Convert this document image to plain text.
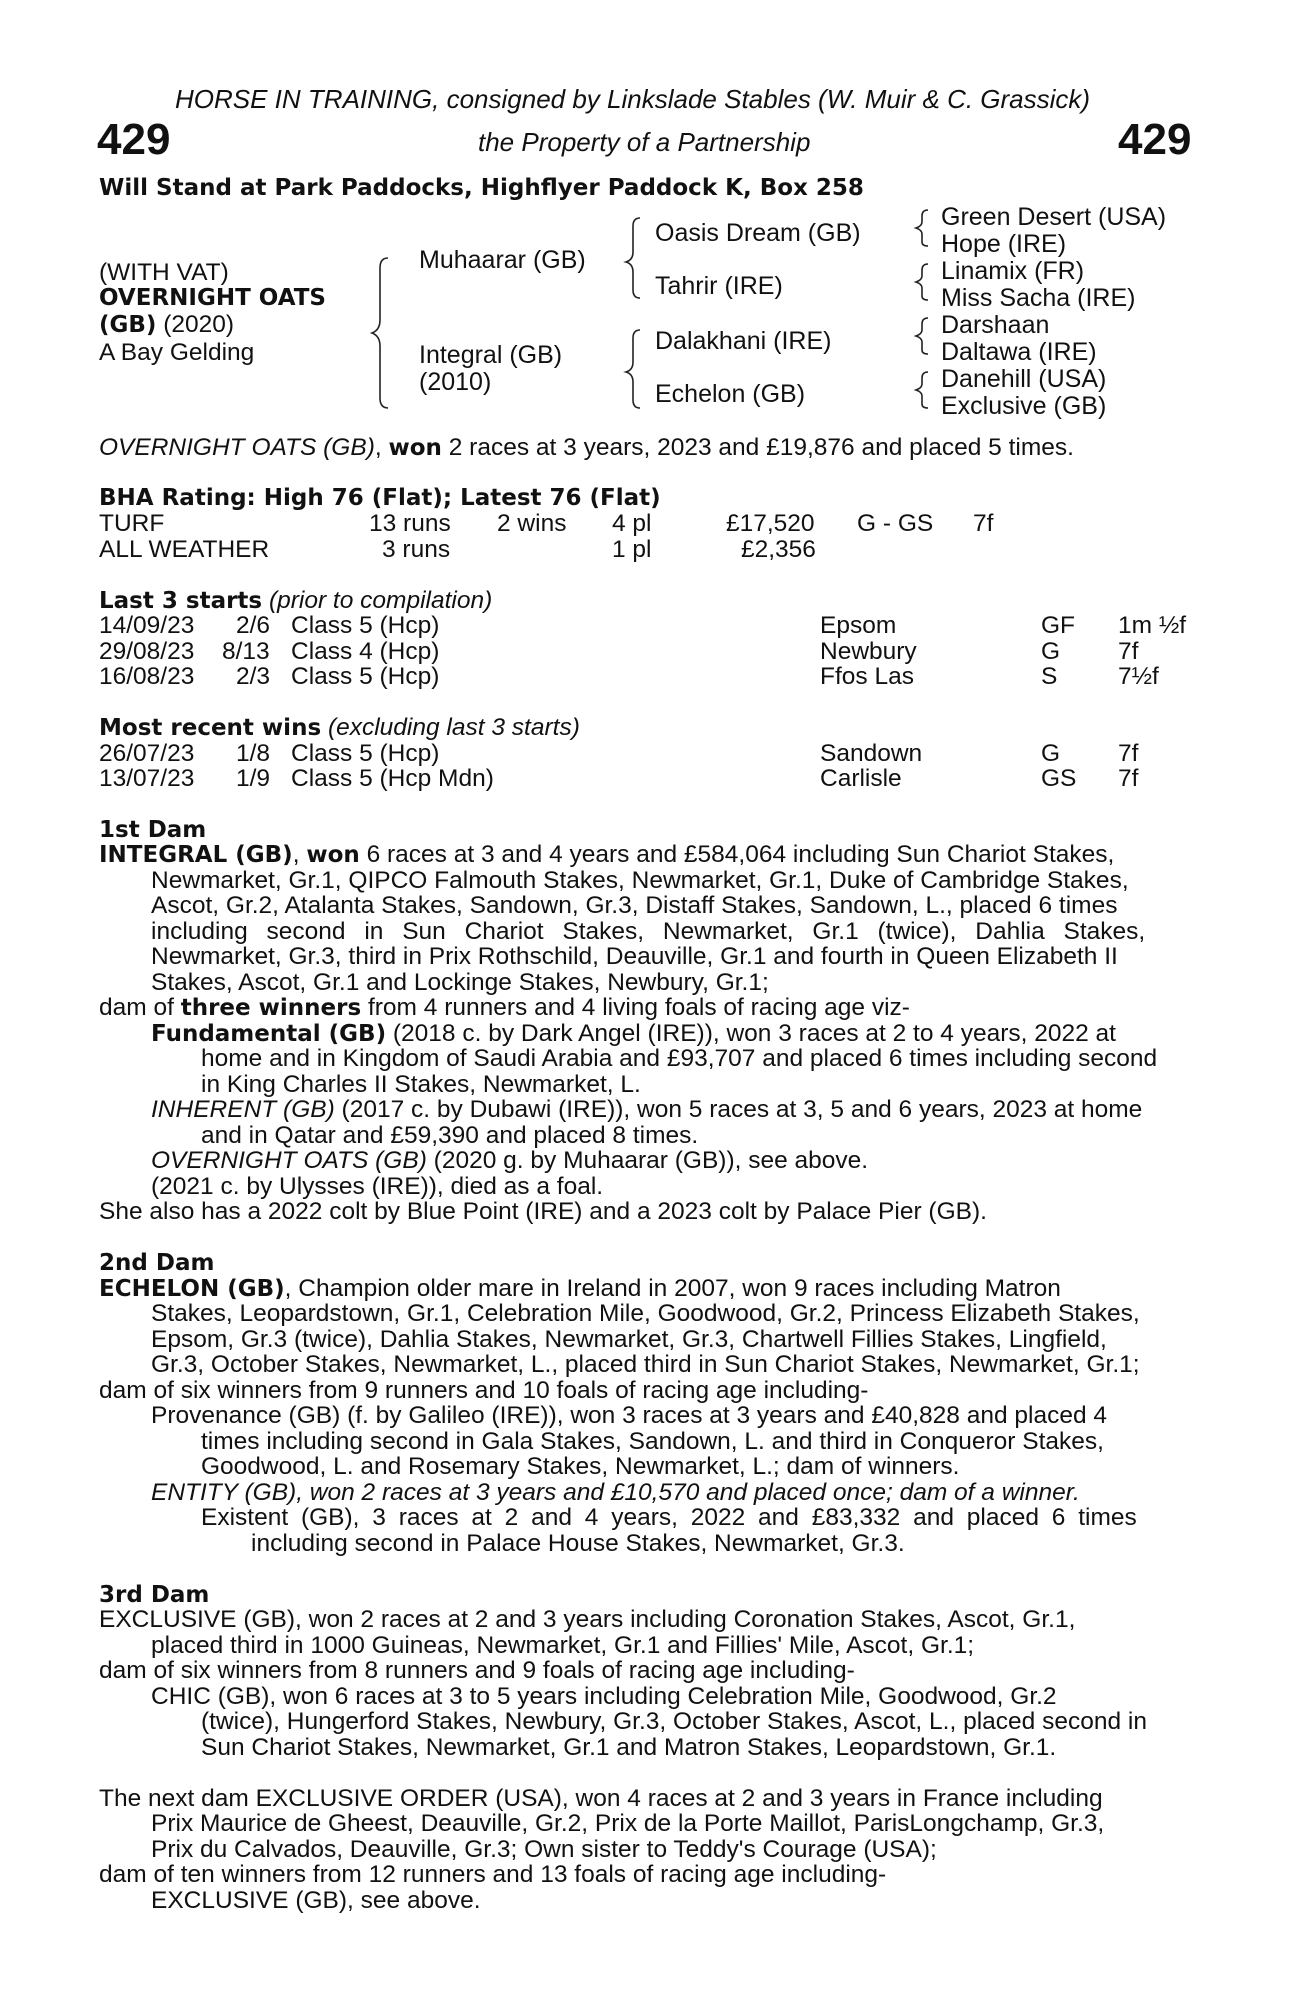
HORSE IN TRAINING, consigned by Linkslade Stables (W. Muir & C. Grassick)
429	the Property of a Partnership	429
Will Stand at Park Paddocks, Highflyer Paddock K, Box 258
(WITH VAT)
OVERNIGHT OATS
(GB) (2020)
A Bay Gelding
Muhaarar (GB)
Integral (GB)
(2010)
Oasis Dream (GB)
Tahrir (IRE)
Dalakhani (IRE)
Echelon (GB)
Green Desert (USA)
Hope (IRE)
Linamix (FR)
Miss Sacha (IRE)
Darshaan
Daltawa (IRE)
Danehill (USA)
Exclusive (GB)
OVERNIGHT OATS (GB), won 2 races at 3 years, 2023 and £19,876 and placed 5 times.
BHA Rating: High 76 (Flat); Latest 76 (Flat)
TURF	13 runs 2 wins 4 pl	£17,520 G - GS 7f
ALL WEATHER	3 runs	1 pl	£2,356
Last 3 starts (prior to compilation)
14/09/23 2/6 Class 5 (Hcp)	Epsom	GF 1m ½f
29/08/23 8/13 Class 4 (Hcp)	Newbury	G 7f
16/08/23 2/3 Class 5 (Hcp)	Ffos Las	S 7½f
Most recent wins (excluding last 3 starts)
26/07/23 1/8 Class 5 (Hcp)	Sandown	G 7f
13/07/23 1/9 Class 5 (Hcp Mdn)	Carlisle	GS 7f
1st Dam
INTEGRAL (GB), won 6 races at 3 and 4 years and £584,064 including Sun Chariot Stakes,
Newmarket, Gr.1, QIPCO Falmouth Stakes, Newmarket, Gr.1, Duke of Cambridge Stakes,
Ascot, Gr.2, Atalanta Stakes, Sandown, Gr.3, Distaff Stakes, Sandown, L., placed 6 times
including second in Sun Chariot Stakes, Newmarket, Gr.1 (twice), Dahlia Stakes,
Newmarket, Gr.3, third in Prix Rothschild, Deauville, Gr.1 and fourth in Queen Elizabeth II
Stakes, Ascot, Gr.1 and Lockinge Stakes, Newbury, Gr.1;
dam of three winners from 4 runners and 4 living foals of racing age viz-
Fundamental (GB) (2018 c. by Dark Angel (IRE)), won 3 races at 2 to 4 years, 2022 at
home and in Kingdom of Saudi Arabia and £93,707 and placed 6 times including second
in King Charles II Stakes, Newmarket, L.
INHERENT (GB) (2017 c. by Dubawi (IRE)), won 5 races at 3, 5 and 6 years, 2023 at home
and in Qatar and £59,390 and placed 8 times.
OVERNIGHT OATS (GB) (2020 g. by Muhaarar (GB)), see above.
(2021 c. by Ulysses (IRE)), died as a foal.
She also has a 2022 colt by Blue Point (IRE) and a 2023 colt by Palace Pier (GB).
2nd Dam
ECHELON (GB), Champion older mare in Ireland in 2007, won 9 races including Matron
Stakes, Leopardstown, Gr.1, Celebration Mile, Goodwood, Gr.2, Princess Elizabeth Stakes,
Epsom, Gr.3 (twice), Dahlia Stakes, Newmarket, Gr.3, Chartwell Fillies Stakes, Lingfield,
Gr.3, October Stakes, Newmarket, L., placed third in Sun Chariot Stakes, Newmarket, Gr.1;
dam of six winners from 9 runners and 10 foals of racing age including-
Provenance (GB) (f. by Galileo (IRE)), won 3 races at 3 years and £40,828 and placed 4
times including second in Gala Stakes, Sandown, L. and third in Conqueror Stakes,
Goodwood, L. and Rosemary Stakes, Newmarket, L.; dam of winners.
ENTITY (GB), won 2 races at 3 years and £10,570 and placed once; dam of a winner.
Existent (GB), 3 races at 2 and 4 years, 2022 and £83,332 and placed 6 times
including second in Palace House Stakes, Newmarket, Gr.3.
3rd Dam
EXCLUSIVE (GB), won 2 races at 2 and 3 years including Coronation Stakes, Ascot, Gr.1,
placed third in 1000 Guineas, Newmarket, Gr.1 and Fillies' Mile, Ascot, Gr.1;
dam of six winners from 8 runners and 9 foals of racing age including-
CHIC (GB), won 6 races at 3 to 5 years including Celebration Mile, Goodwood, Gr.2
(twice), Hungerford Stakes, Newbury, Gr.3, October Stakes, Ascot, L., placed second in
Sun Chariot Stakes, Newmarket, Gr.1 and Matron Stakes, Leopardstown, Gr.1.
The next dam EXCLUSIVE ORDER (USA), won 4 races at 2 and 3 years in France including
Prix Maurice de Gheest, Deauville, Gr.2, Prix de la Porte Maillot, ParisLongchamp, Gr.3,
Prix du Calvados, Deauville, Gr.3; Own sister to Teddy's Courage (USA);
dam of ten winners from 12 runners and 13 foals of racing age including-
EXCLUSIVE (GB), see above.
